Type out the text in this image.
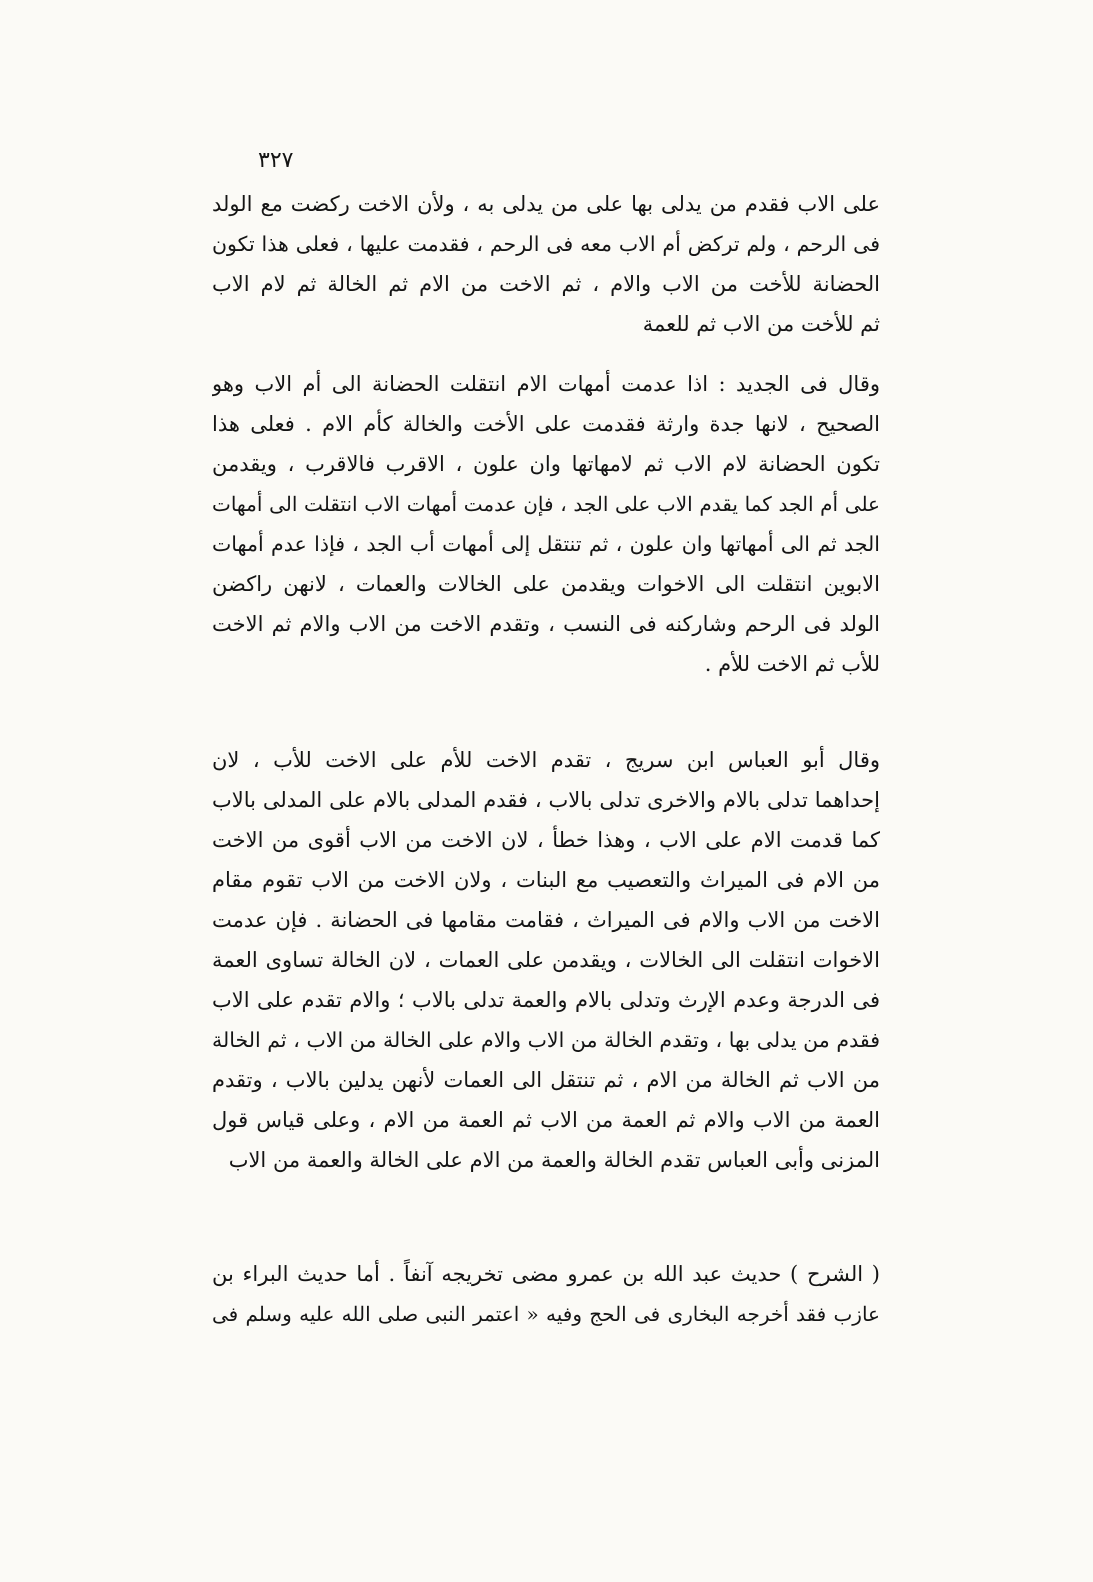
٣٢٧
على الاب فقدم من يدلى بها على من يدلى به ، ولأن الاخت ركضت مع الولد
فى الرحم ، ولم تركض أم الاب معه فى الرحم ، فقدمت عليها ، فعلى هذا تكون
الحضانة للأخت من الاب والام ، ثم الاخت من الام ثم الخالة ثم لام الاب
ثم للأخت من الاب ثم للعمة
وقال فى الجديد : اذا عدمت أمهات الام انتقلت الحضانة الى أم الاب وهو
الصحيح ، لانها جدة وارثة فقدمت على الأخت والخالة كأم الام . فعلى هذا
تكون الحضانة لام الاب ثم لامهاتها وان علون ، الاقرب فالاقرب ، ويقدمن
على أم الجد كما يقدم الاب على الجد ، فإن عدمت أمهات الاب انتقلت الى أمهات
الجد ثم الى أمهاتها وان علون ، ثم تنتقل إلى أمهات أب الجد ، فإذا عدم أمهات
الابوين انتقلت الى الاخوات ويقدمن على الخالات والعمات ، لانهن راكضن
الولد فى الرحم وشاركنه فى النسب ، وتقدم الاخت من الاب والام ثم الاخت
للأب ثم الاخت للأم .
وقال أبو العباس ابن سريج ، تقدم الاخت للأم على الاخت للأب ، لان
إحداهما تدلى بالام والاخرى تدلى بالاب ، فقدم المدلى بالام على المدلى بالاب
كما قدمت الام على الاب ، وهذا خطأ ، لان الاخت من الاب أقوى من الاخت
من الام فى الميراث والتعصيب مع البنات ، ولان الاخت من الاب تقوم مقام
الاخت من الاب والام فى الميراث ، فقامت مقامها فى الحضانة . فإن عدمت
الاخوات انتقلت الى الخالات ، ويقدمن على العمات ، لان الخالة تساوى العمة
فى الدرجة وعدم الإرث وتدلى بالام والعمة تدلى بالاب ؛ والام تقدم على الاب
فقدم من يدلى بها ، وتقدم الخالة من الاب والام على الخالة من الاب ، ثم الخالة
من الاب ثم الخالة من الام ، ثم تنتقل الى العمات لأنهن يدلين بالاب ، وتقدم
العمة من الاب والام ثم العمة من الاب ثم العمة من الام ، وعلى قياس قول
المزنى وأبى العباس تقدم الخالة والعمة من الام على الخالة والعمة من الاب
( الشرح ) حديث عبد الله بن عمرو مضى تخريجه آنفاً . أما حديث البراء بن
عازب فقد أخرجه البخارى فى الحج وفيه « اعتمر النبى صلى الله عليه وسلم فى
